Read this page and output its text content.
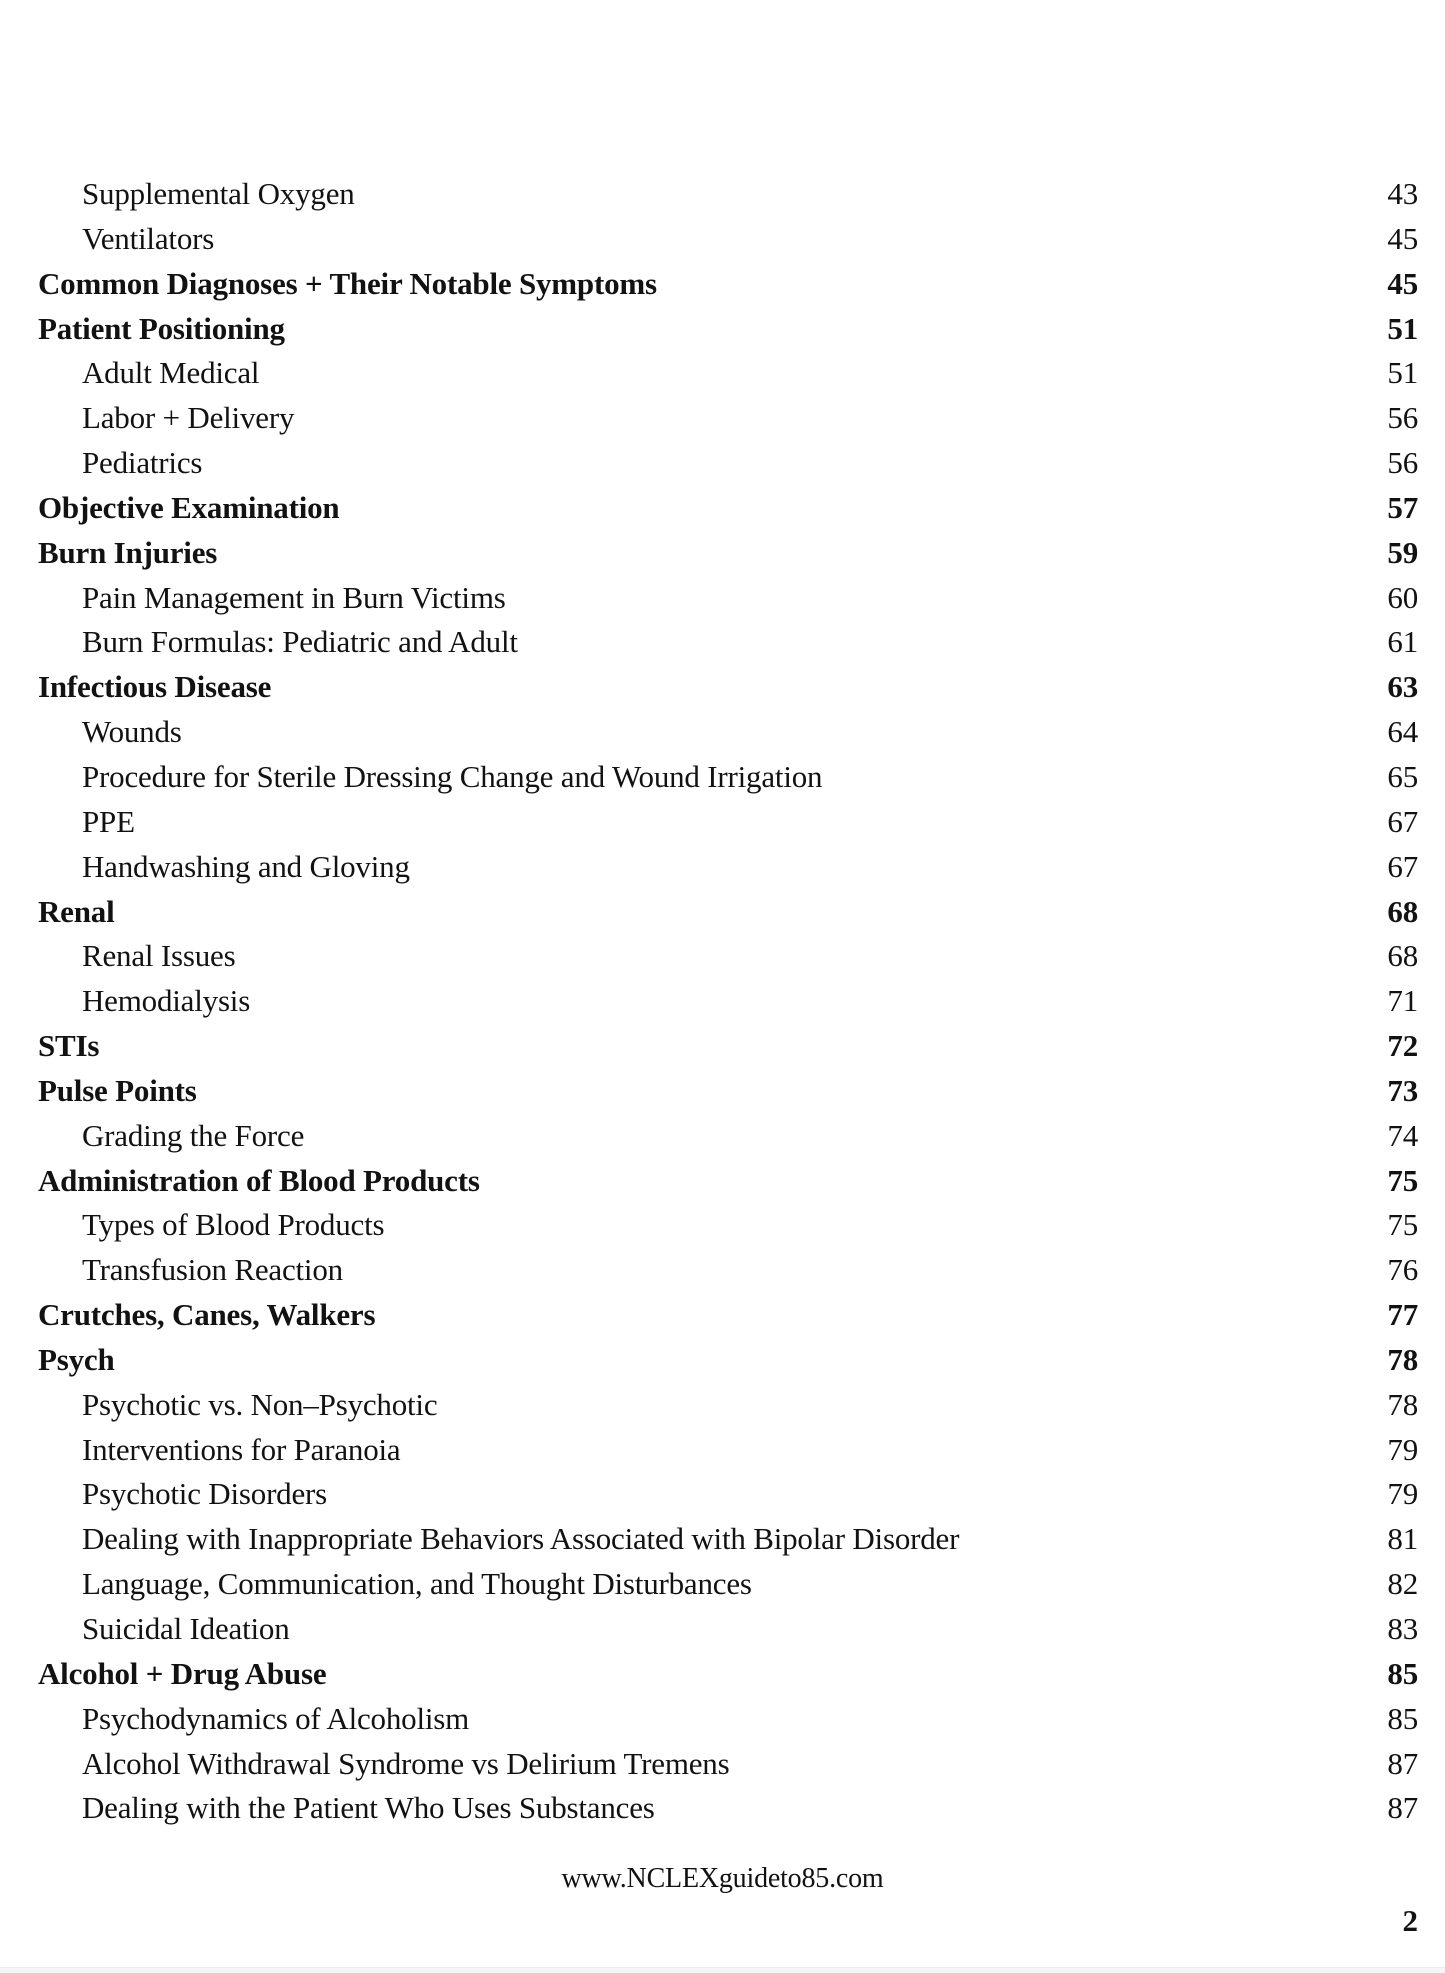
Supplemental Oxygen	43
Ventilators	45
Common Diagnoses + Their Notable Symptoms	45
Patient Positioning	51
Adult Medical	51
Labor + Delivery	56
Pediatrics	56
Objective Examination	57
Burn Injuries	59
Pain Management in Burn Victims	60
Burn Formulas: Pediatric and Adult	61
Infectious Disease	63
Wounds	64
Procedure for Sterile Dressing Change and Wound Irrigation	65
PPE	67
Handwashing and Gloving	67
Renal	68
Renal Issues	68
Hemodialysis	71
STIs	72
Pulse Points	73
Grading the Force	74
Administration of Blood Products	75
Types of Blood Products	75
Transfusion Reaction	76
Crutches, Canes, Walkers	77
Psych	78
Psychotic vs. Non–Psychotic	78
Interventions for Paranoia	79
Psychotic Disorders	79
Dealing with Inappropriate Behaviors Associated with Bipolar Disorder	81
Language, Communication, and Thought Disturbances	82
Suicidal Ideation	83
Alcohol + Drug Abuse	85
Psychodynamics of Alcoholism	85
Alcohol Withdrawal Syndrome vs Delirium Tremens	87
Dealing with the Patient Who Uses Substances	87
www.NCLEXguideto85.com
2
